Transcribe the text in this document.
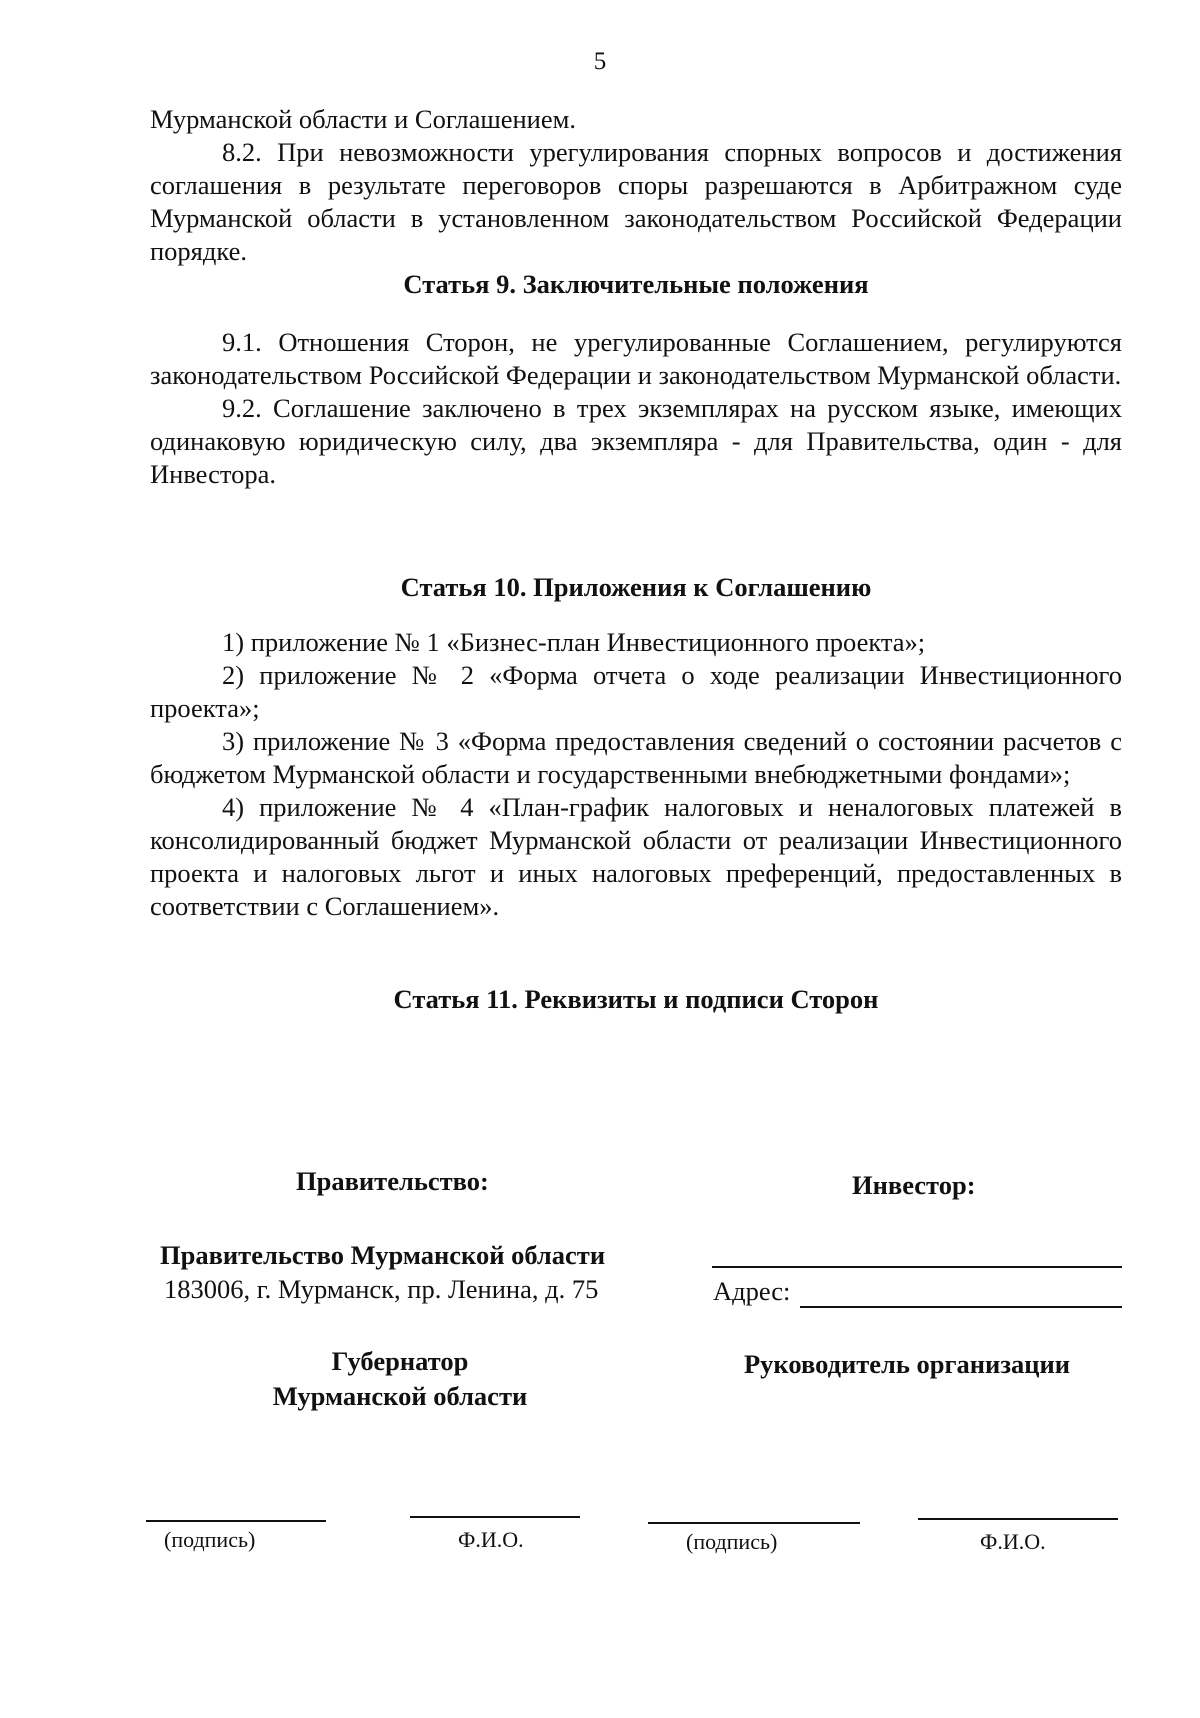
5

Мурманской области и Соглашением.

8.2. При невозможности урегулирования спорных вопросов и достижения соглашения в результате переговоров споры разрешаются в Арбитражном суде Мурманской области в установленном законодательством Российской Федерации порядке.

Статья 9. Заключительные положения

9.1. Отношения Сторон, не урегулированные Соглашением, регулируются законодательством Российской Федерации и законодательством Мурманской области.

9.2. Соглашение заключено в трех экземплярах на русском языке, имеющих одинаковую юридическую силу, два экземпляра - для Правительства, один - для Инвестора.

Статья 10. Приложения к Соглашению

1) приложение № 1 «Бизнес-план Инвестиционного проекта»;

2) приложение № 2 «Форма отчета о ходе реализации Инвестиционного проекта»;

3) приложение № 3 «Форма предоставления сведений о состоянии расчетов с бюджетом Мурманской области и государственными внебюджетными фондами»;

4) приложение № 4 «План-график налоговых и неналоговых платежей в консолидированный бюджет Мурманской области от реализации Инвестиционного проекта и налоговых льгот и иных налоговых преференций, предоставленных в соответствии с Соглашением».

Статья 11. Реквизиты и подписи Сторон

Правительство:	Инвестор:
Правительство Мурманской области
183006, г. Мурманск, пр. Ленина, д. 75	Адрес:
Губернатор
Мурманской области
Руководитель организации
(подпись)	Ф.И.О.	(подпись)	Ф.И.О.
